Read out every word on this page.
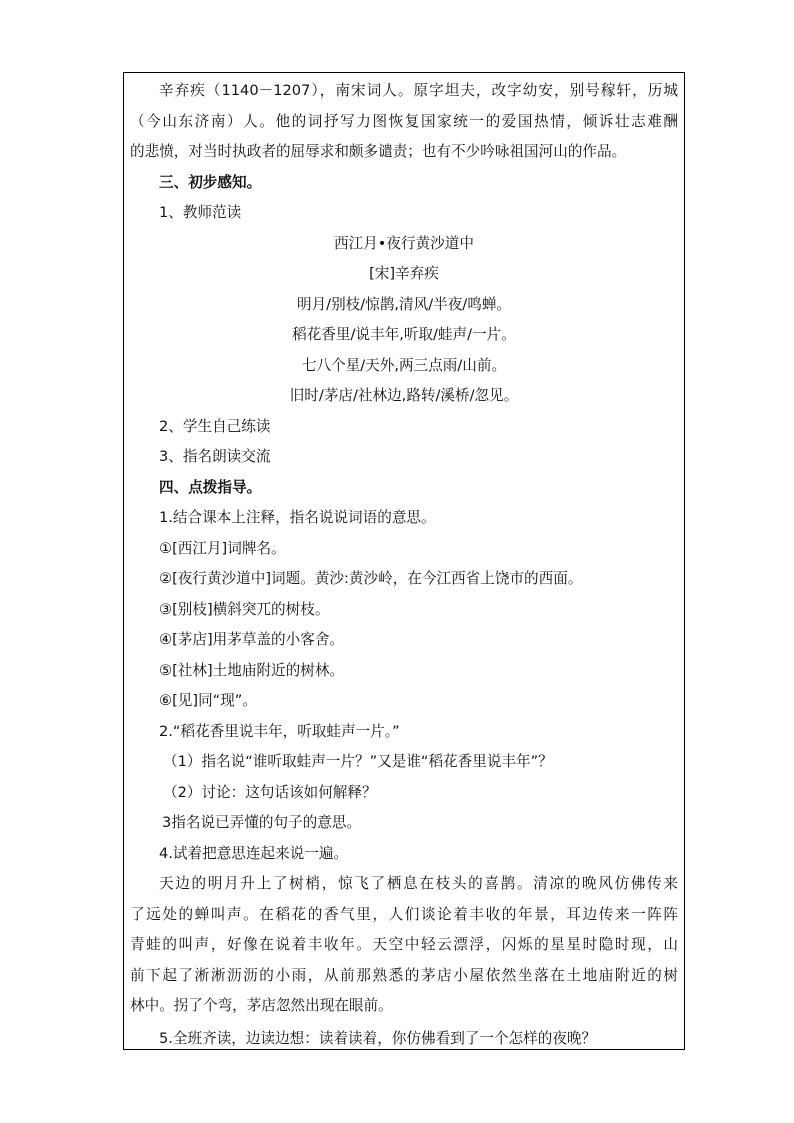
辛弃疾（1140－1207），南宋词人。原字坦夫，改字幼安，别号稼轩，历城
（今山东济南）人。他的词抒写力图恢复国家统一的爱国热情，倾诉壮志难酬
的悲愤，对当时执政者的屈辱求和颇多谴责；也有不少吟咏祖国河山的作品。
三、初步感知。
1、教师范读
西江月•夜行黄沙道中
[宋]辛弃疾
明月/别枝/惊鹊,清风/半夜/鸣蝉。
稻花香里/说丰年,听取/蛙声/一片。
七八个星/天外,两三点雨/山前。
旧时/茅店/社林边,路转/溪桥/忽见。
2、学生自己练读
3、指名朗读交流
四、点拨指导。
1.结合课本上注释，指名说说词语的意思。
①[西江月]词牌名。
②[夜行黄沙道中]词题。黄沙:黄沙岭，在今江西省上饶市的西面。
③[别枝]横斜突兀的树枝。
④[茅店]用茅草盖的小客舍。
⑤[社林]土地庙附近的树林。
⑥[见]同“现”。
2.“稻花香里说丰年，听取蛙声一片。”
（1）指名说“谁听取蛙声一片？”又是谁“稻花香里说丰年”？
（2）讨论：这句话该如何解释？
3指名说已弄懂的句子的意思。
4.试着把意思连起来说一遍。
天边的明月升上了树梢，惊飞了栖息在枝头的喜鹊。清凉的晚风仿佛传来
了远处的蝉叫声。在稻花的香气里，人们谈论着丰收的年景，耳边传来一阵阵
青蛙的叫声，好像在说着丰收年。天空中轻云漂浮，闪烁的星星时隐时现，山
前下起了淅淅沥沥的小雨，从前那熟悉的茅店小屋依然坐落在土地庙附近的树
林中。拐了个弯，茅店忽然出现在眼前。
5.全班齐读，边读边想：读着读着，你仿佛看到了一个怎样的夜晚？
